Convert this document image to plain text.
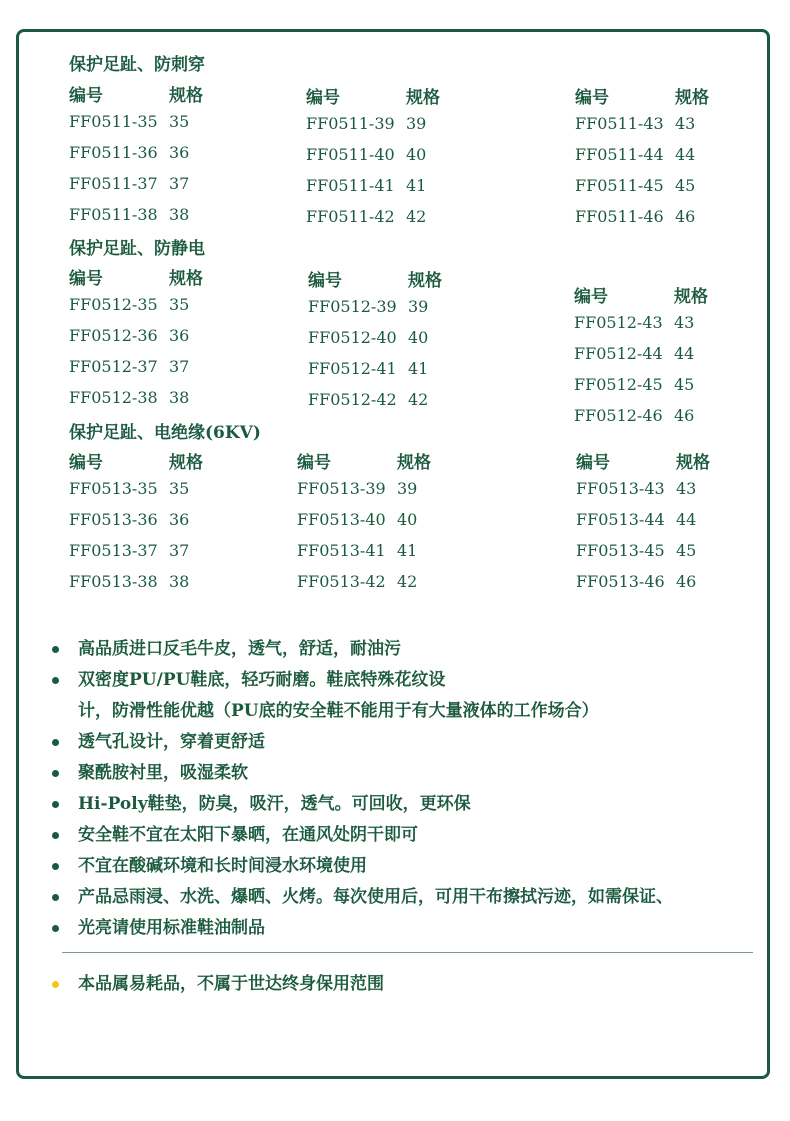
保护足趾、防刺穿
编号	规格
FF0511-35 35
FF0511-36 36
FF0511-37 37
FF0511-38 38
编号	规格
FF0511-39 39
FF0511-40 40
FF0511-41 41
FF0511-42 42
编号	规格
FF0511-43 43
FF0511-44 44
FF0511-45 45
FF0511-46 46
保护足趾、防静电
编号	规格
FF0512-35 35
FF0512-36 36
FF0512-37 37
FF0512-38 38
编号	规格
FF0512-39 39
FF0512-40 40
FF0512-41 41
FF0512-42 42
编号	规格
FF0512-43 43
FF0512-44 44
FF0512-45 45
FF0512-46 46
保护足趾、电绝缘(6KV)
编号	规格
FF0513-35 35
FF0513-36 36
FF0513-37 37
FF0513-38 38
编号	规格
FF0513-39 39
FF0513-40 40
FF0513-41 41
FF0513-42 42
编号	规格
FF0513-43 43
FF0513-44 44
FF0513-45 45
FF0513-46 46
高品质进口反毛牛皮，透气，舒适，耐油污
双密度PU/PU鞋底，轻巧耐磨。鞋底特殊花纹设
计，防滑性能优越（PU底的安全鞋不能用于有大量液体的工作场合）
透气孔设计，穿着更舒适
聚酰胺衬里，吸湿柔软
Hi-Poly鞋垫，防臭，吸汗，透气。可回收，更环保
安全鞋不宜在太阳下暴晒，在通风处阴干即可
不宜在酸碱环境和长时间浸水环境使用
产品忌雨浸、水洗、爆晒、火烤。每次使用后，可用干布擦拭污迹，如需保证、
光亮请使用标准鞋油制品
本品属易耗品，不属于世达终身保用范围
